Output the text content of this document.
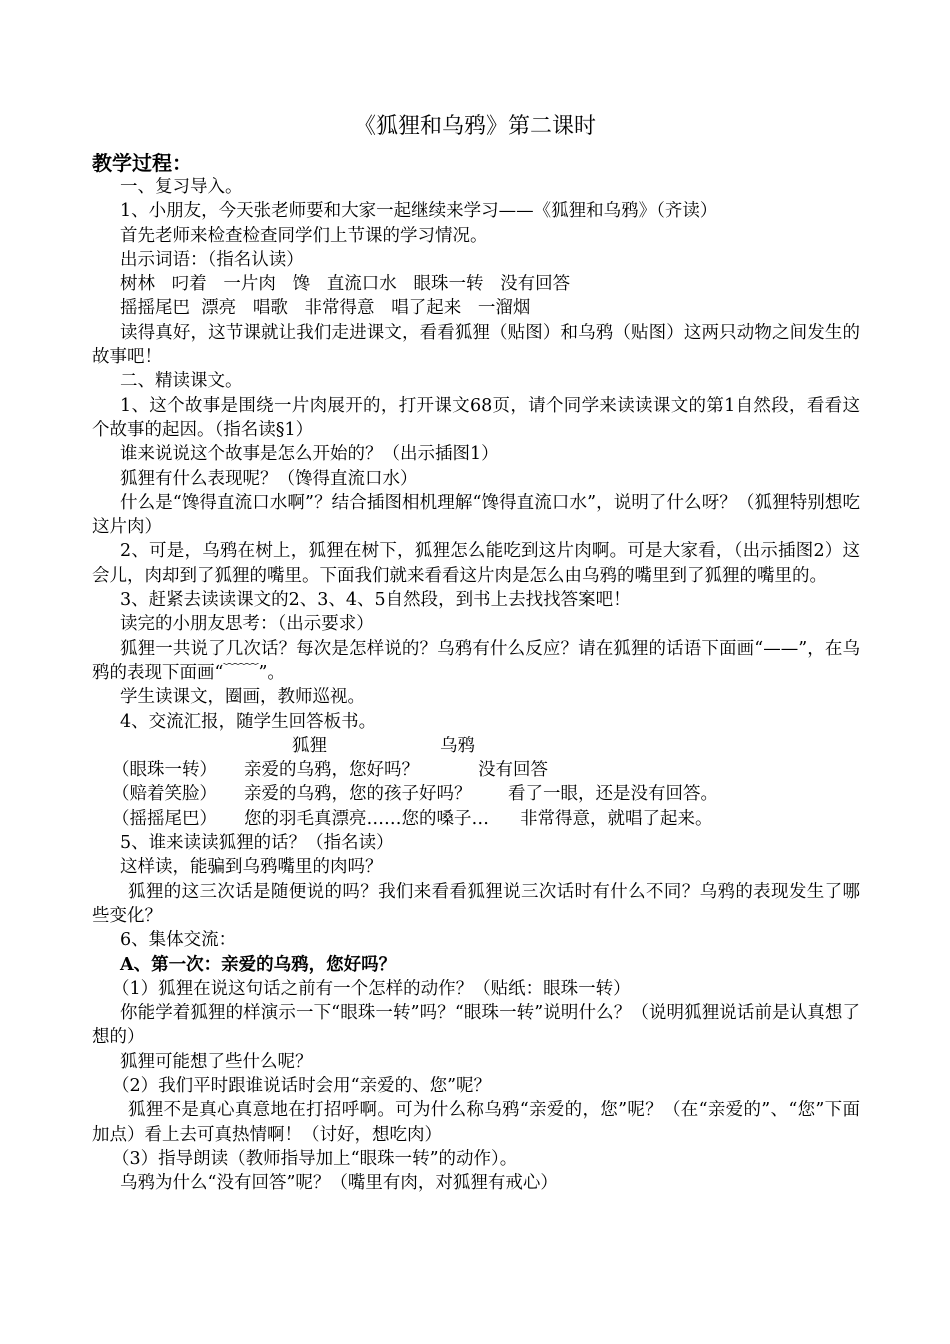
《狐狸和乌鸦》第二课时
教学过程：

一、复习导入。

1、小朋友，今天张老师要和大家一起继续来学习——《狐狸和乌鸦》（齐读）

首先老师来检查检查同学们上节课的学习情况。

出示词语：（指名认读）

树林   叼着   一片肉   馋   直流口水   眼珠一转   没有回答

摇摇尾巴  漂亮   唱歌   非常得意   唱了起来   一溜烟

读得真好，这节课就让我们走进课文，看看狐狸（贴图）和乌鸦（贴图）这两只动物之间发生的故事吧！

二、精读课文。

1、这个故事是围绕一片肉展开的，打开课文68页，请个同学来读读课文的第1自然段，看看这个故事的起因。（指名读§1）

谁来说说这个故事是怎么开始的？（出示插图1）

狐狸有什么表现呢？（馋得直流口水）

什么是“馋得直流口水啊”？结合插图相机理解“馋得直流口水”，说明了什么呀？（狐狸特别想吃这片肉）

2、可是，乌鸦在树上，狐狸在树下，狐狸怎么能吃到这片肉啊。可是大家看，（出示插图2）这会儿，肉却到了狐狸的嘴里。下面我们就来看看这片肉是怎么由乌鸦的嘴里到了狐狸的嘴里的。

3、赶紧去读读课文的2、3、4、5自然段，到书上去找找答案吧！

读完的小朋友思考：（出示要求）

狐狸一共说了几次话？每次是怎样说的？乌鸦有什么反应？请在狐狸的话语下面画“——”，在乌鸦的表现下面画“﹋﹋”。

学生读课文，圈画，教师巡视。

4、交流汇报，随学生回答板书。

狐狸	乌鸦
（眼珠一转） 亲爱的乌鸦，您好吗？	没有回答
（赔着笑脸） 亲爱的乌鸦，您的孩子好吗？ 看了一眼，还是没有回答。
（摇摇尾巴） 您的羽毛真漂亮……您的嗓子… 非常得意，就唱了起来。

5、谁来读读狐狸的话？（指名读）

这样读，能骗到乌鸦嘴里的肉吗？

狐狸的这三次话是随便说的吗？我们来看看狐狸说三次话时有什么不同？乌鸦的表现发生了哪些变化？

6、集体交流：

A、第一次：亲爱的乌鸦，您好吗？

（1）狐狸在说这句话之前有一个怎样的动作？（贴纸：眼珠一转）

你能学着狐狸的样演示一下“眼珠一转”吗？“眼珠一转”说明什么？（说明狐狸说话前是认真想了想的）

狐狸可能想了些什么呢？

（2）我们平时跟谁说话时会用“亲爱的、您”呢？

狐狸不是真心真意地在打招呼啊。可为什么称乌鸦“亲爱的，您”呢？（在“亲爱的”、“您”下面加点）看上去可真热情啊！（讨好，想吃肉）

（3）指导朗读（教师指导加上“眼珠一转”的动作）。

乌鸦为什么“没有回答”呢？（嘴里有肉，对狐狸有戒心）
